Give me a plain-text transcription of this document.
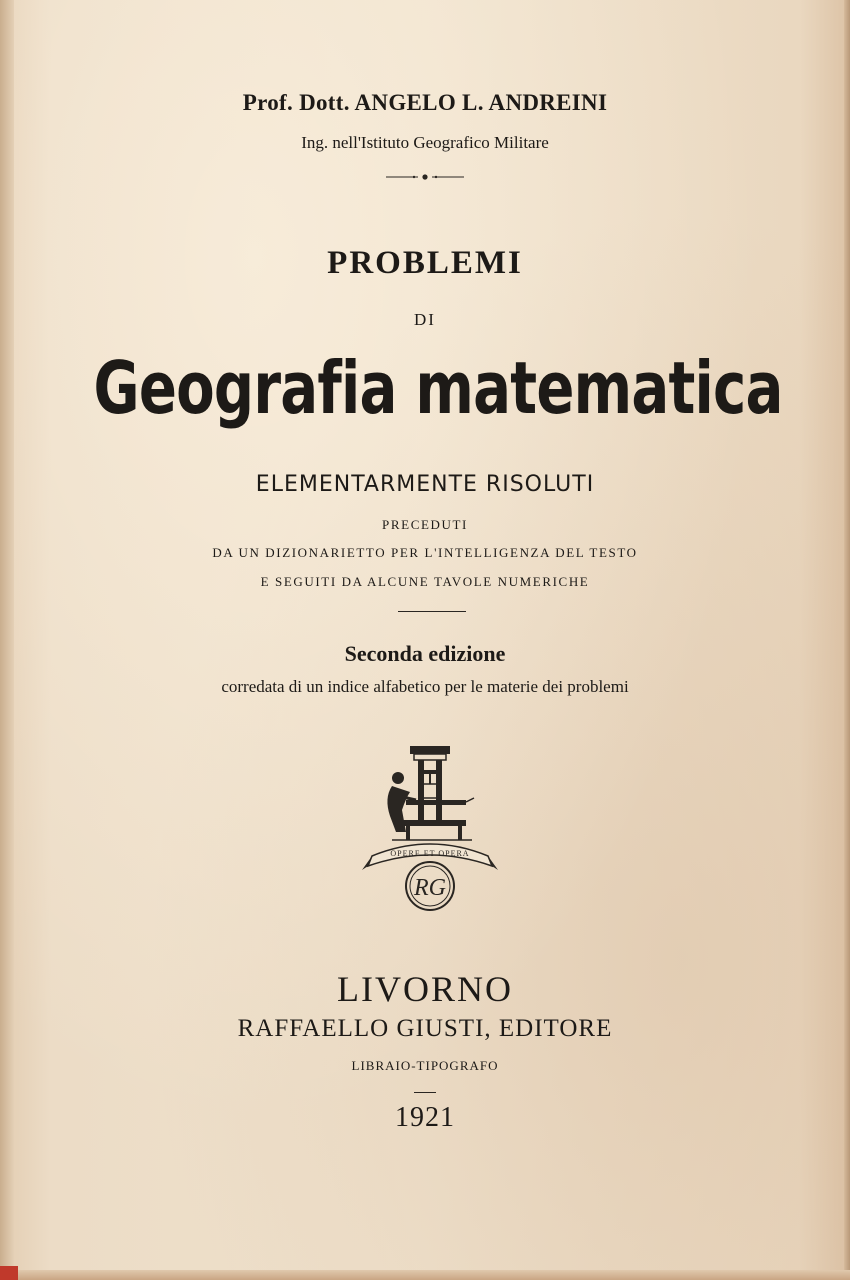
Prof. Dott. ANGELO L. ANDREINI
Ing. nell'Istituto Geografico Militare
PROBLEMI
DI
Geografia matematica
ELEMENTARMENTE RISOLUTI
PRECEDUTI
DA UN DIZIONARIETTO PER L'INTELLIGENZA DEL TESTO
E SEGUITI DA ALCUNE TAVOLE NUMERICHE
Seconda edizione
corredata di un indice alfabetico per le materie dei problemi
OPERE ET OPERA
RG
LIVORNO
RAFFAELLO GIUSTI, EDITORE
LIBRAIO-TIPOGRAFO
1921
